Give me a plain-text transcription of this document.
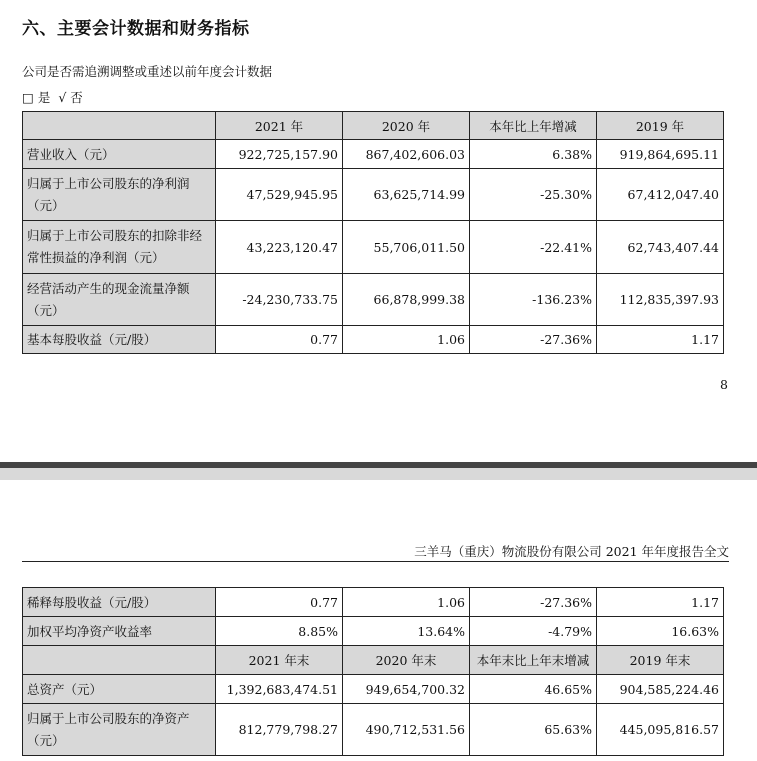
六、主要会计数据和财务指标
公司是否需追溯调整或重述以前年度会计数据
□ 是 √ 否
	2021 年	2020 年	本年比上年增减	2019 年
营业收入（元）	922,725,157.90	867,402,606.03	6.38%	919,864,695.11
归属于上市公司股东的净利润（元）	47,529,945.95	63,625,714.99	-25.30%	67,412,047.40
归属于上市公司股东的扣除非经常性损益的净利润（元）	43,223,120.47	55,706,011.50	-22.41%	62,743,407.44
经营活动产生的现金流量净额（元）	-24,230,733.75	66,878,999.38	-136.23%	112,835,397.93
基本每股收益（元/股）	0.77	1.06	-27.36%	1.17
8
三羊马（重庆）物流股份有限公司 2021 年年度报告全文
稀释每股收益（元/股）	0.77	1.06	-27.36%	1.17
加权平均净资产收益率	8.85%	13.64%	-4.79%	16.63%
	2021 年末	2020 年末	本年末比上年末增减	2019 年末
总资产（元）	1,392,683,474.51	949,654,700.32	46.65%	904,585,224.46
归属于上市公司股东的净资产（元）	812,779,798.27	490,712,531.56	65.63%	445,095,816.57
